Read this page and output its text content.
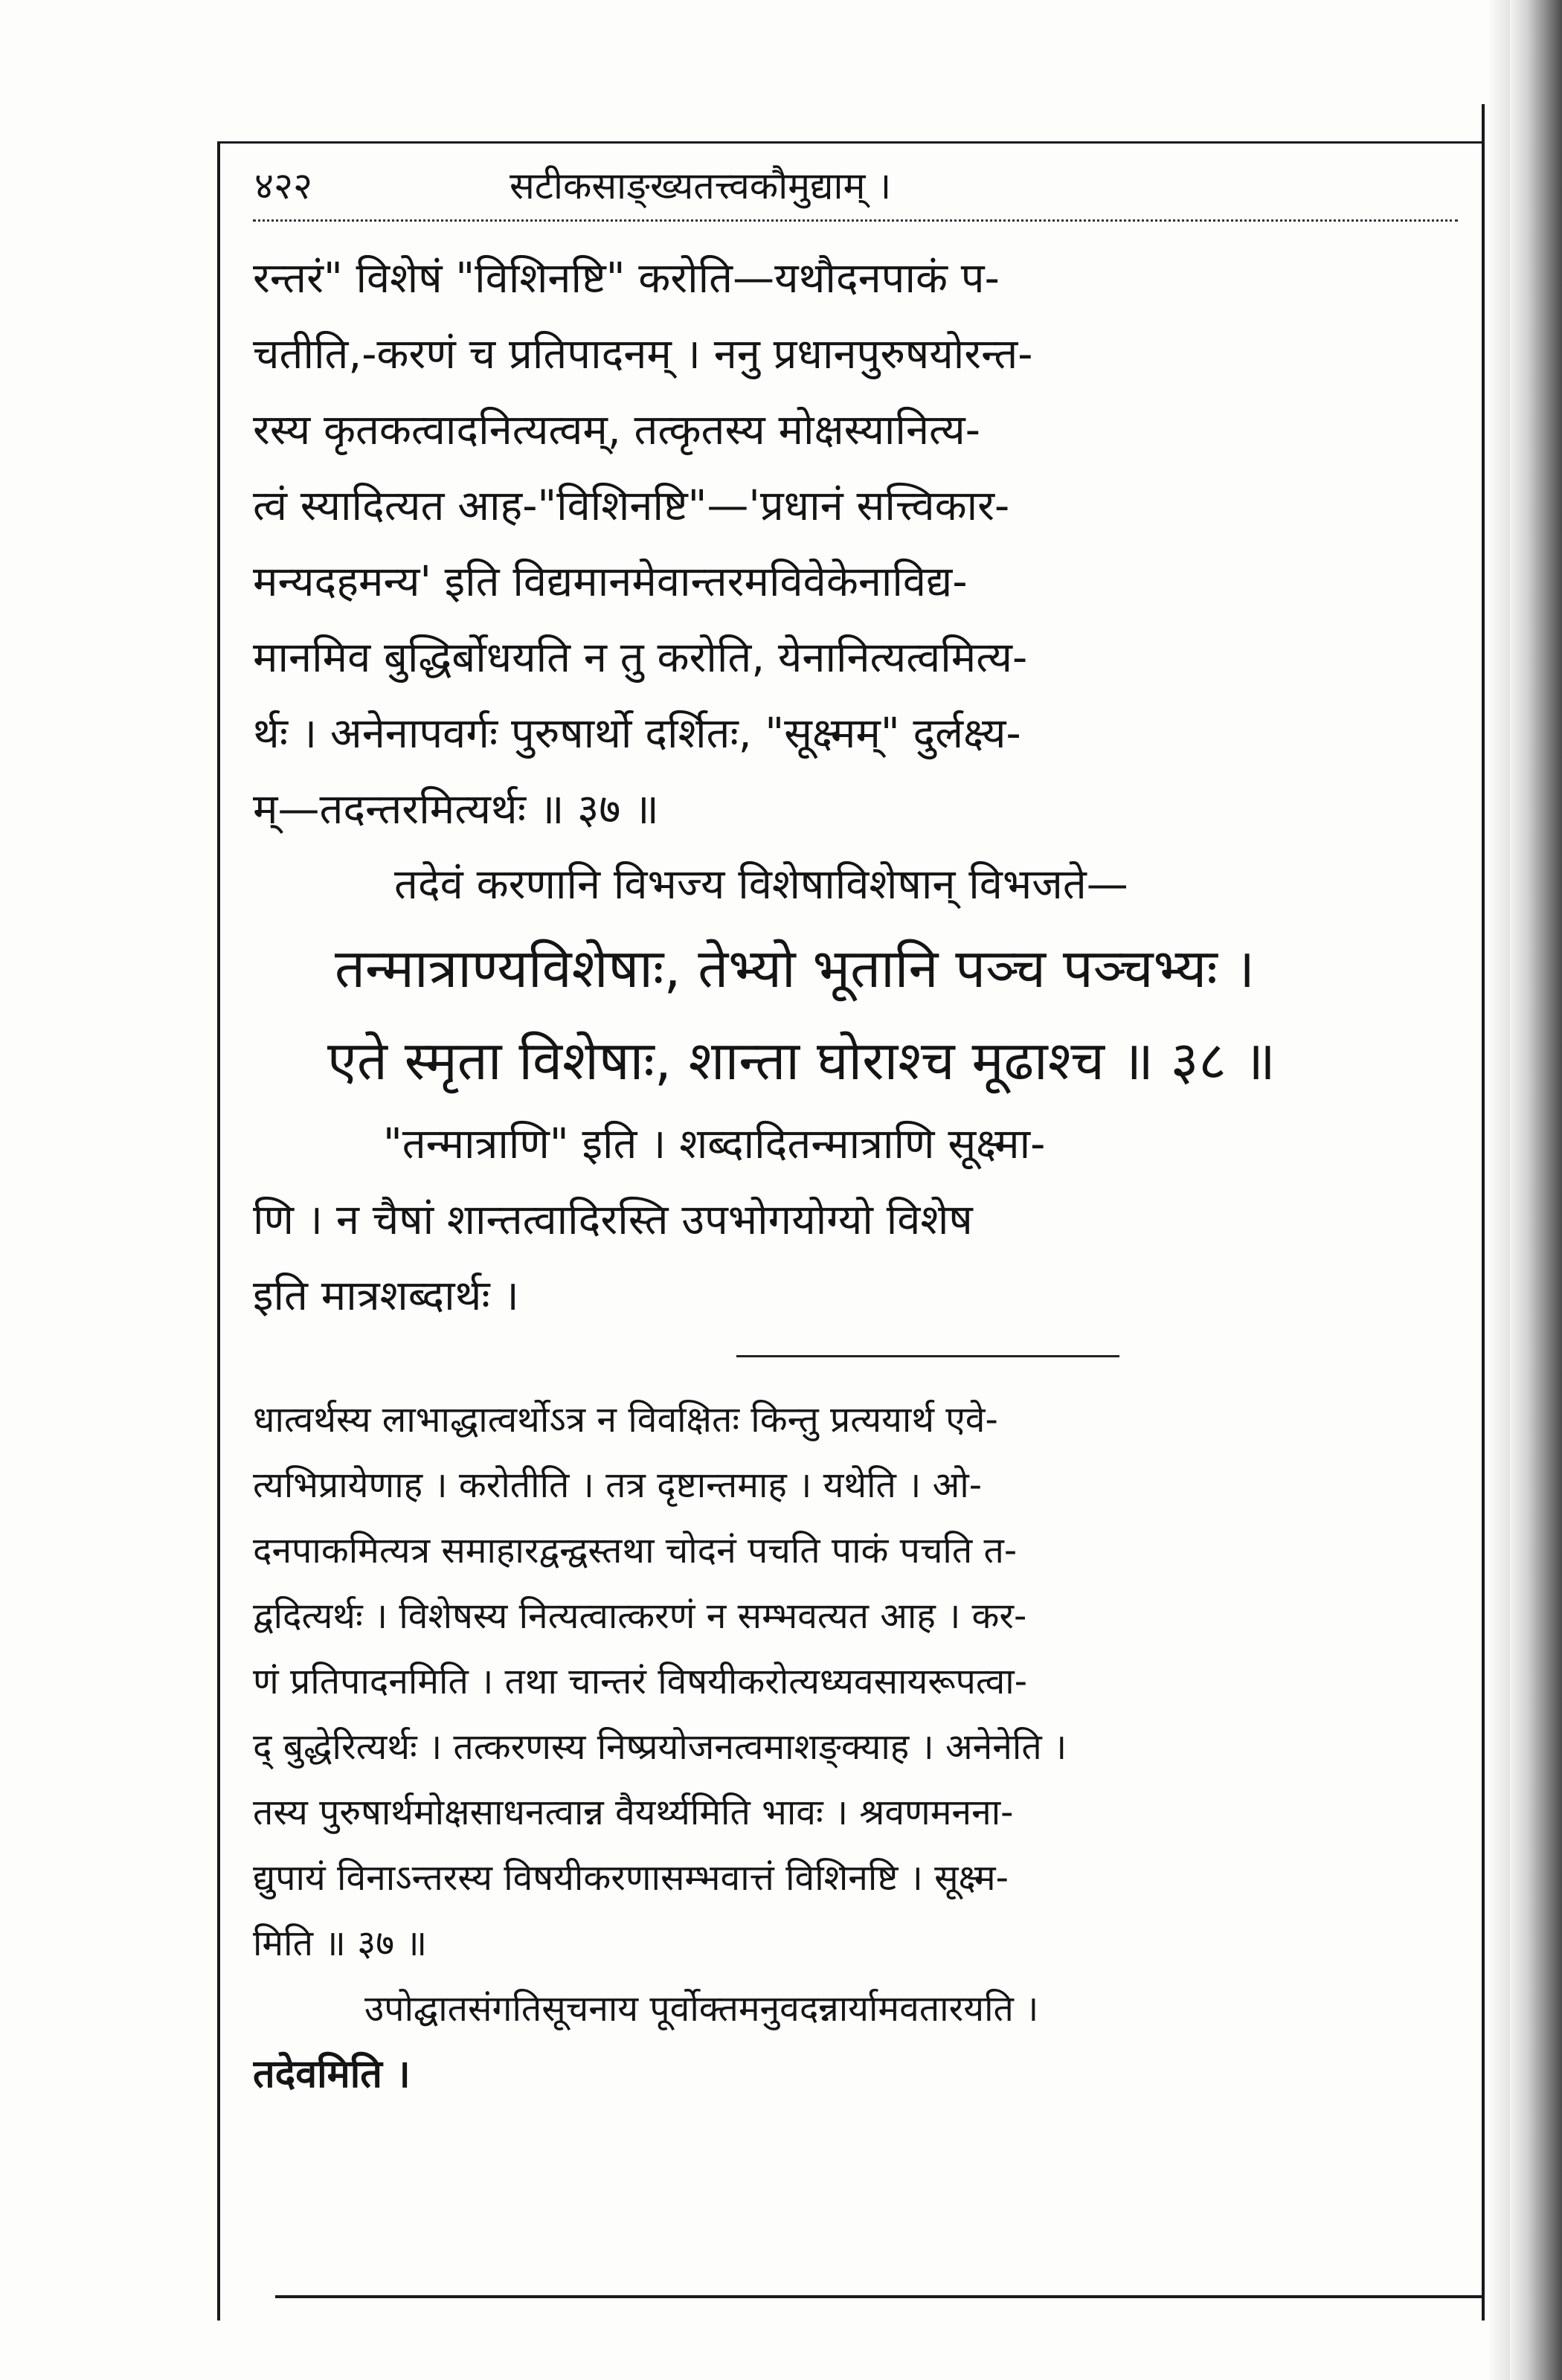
४२२	सटीकसाङ्ख्यतत्त्वकौमुद्याम् ।
रन्तरं" विशेषं "विशिनष्टि" करोति—यथौदनपाकं प-
चतीति,-करणं च प्रतिपादनम् । ननु प्रधानपुरुषयोरन्त-
रस्य कृतकत्वादनित्यत्वम्, तत्कृतस्य मोक्षस्यानित्य-
त्वं स्यादित्यत आह-"विशिनष्टि"—'प्रधानं सत्त्विकार-
मन्यदहमन्य' इति विद्यमानमेवान्तरमविवेकेनाविद्य-
मानमिव बुद्धिर्बोधयति न तु करोति, येनानित्यत्वमित्य-
र्थः । अनेनापवर्गः पुरुषार्थो दर्शितः, "सूक्ष्मम्" दुर्लक्ष्य-
म्—तदन्तरमित्यर्थः ॥ ३७ ॥
तदेवं करणानि विभज्य विशेषाविशेषान् विभजते—
तन्मात्राण्यविशेषाः, तेभ्यो भूतानि पञ्च पञ्चभ्यः ।
एते स्मृता विशेषाः, शान्ता घोराश्च मूढाश्च ॥ ३८ ॥
"तन्मात्राणि" इति । शब्दादितन्मात्राणि सूक्ष्मा-
णि । न चैषां शान्तत्वादिरस्ति उपभोगयोग्यो विशेष
इति मात्रशब्दार्थः ।
धात्वर्थस्य लाभाद्धात्वर्थोऽत्र न विवक्षितः किन्तु प्रत्ययार्थ एवे-
त्यभिप्रायेणाह । करोतीति । तत्र दृष्टान्तमाह । यथेति । ओ-
दनपाकमित्यत्र समाहारद्वन्द्वस्तथा चोदनं पचति पाकं पचति त-
द्वदित्यर्थः । विशेषस्य नित्यत्वात्करणं न सम्भवत्यत आह । कर-
णं प्रतिपादनमिति । तथा चान्तरं विषयीकरोत्यध्यवसायरूपत्वा-
द् बुद्धेरित्यर्थः । तत्करणस्य निष्प्रयोजनत्वमाशङ्क्याह । अनेनेति ।
तस्य पुरुषार्थमोक्षसाधनत्वान्न वैयर्थ्यमिति भावः । श्रवणमनना-
द्युपायं विनाऽन्तरस्य विषयीकरणासम्भवात्तं विशिनष्टि । सूक्ष्म-
मिति ॥ ३७ ॥
उपोद्घातसंगतिसूचनाय पूर्वोक्तमनुवदन्नार्यामवतारयति ।
तदेवमिति ।
